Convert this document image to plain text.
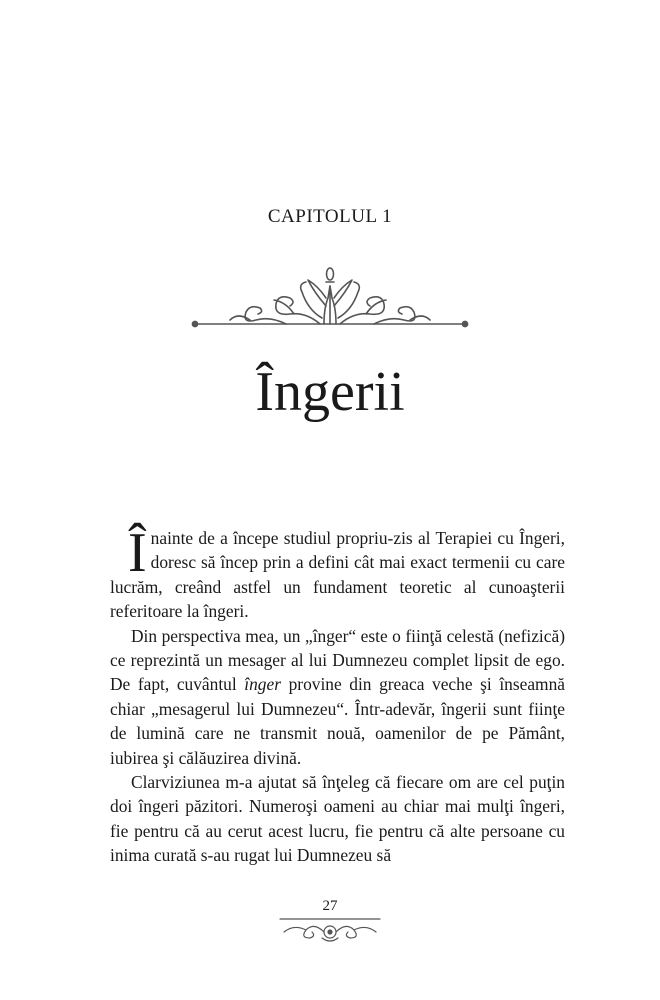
CAPITOLUL 1
Îngerii

Înainte de a începe studiul propriu-zis al Terapiei cu Îngeri, doresc să încep prin a defini cât mai exact termenii cu care lucrăm, creând astfel un fundament teoretic al cunoaşterii referitoare la îngeri.

Din perspectiva mea, un „înger“ este o fiinţă celestă (nefizică) ce reprezintă un mesager al lui Dumnezeu complet lipsit de ego. De fapt, cuvântul înger provine din greaca veche şi înseamnă chiar „mesagerul lui Dumnezeu“. Într-adevăr, îngerii sunt fiinţe de lumină care ne transmit nouă, oamenilor de pe Pământ, iubirea şi călăuzirea divină.

Clarviziunea m-a ajutat să înţeleg că fiecare om are cel puţin doi îngeri păzitori. Numeroşi oameni au chiar mai mulţi îngeri, fie pentru că au cerut acest lucru, fie pentru că alte persoane cu inima curată s-au rugat lui Dumnezeu să

27
